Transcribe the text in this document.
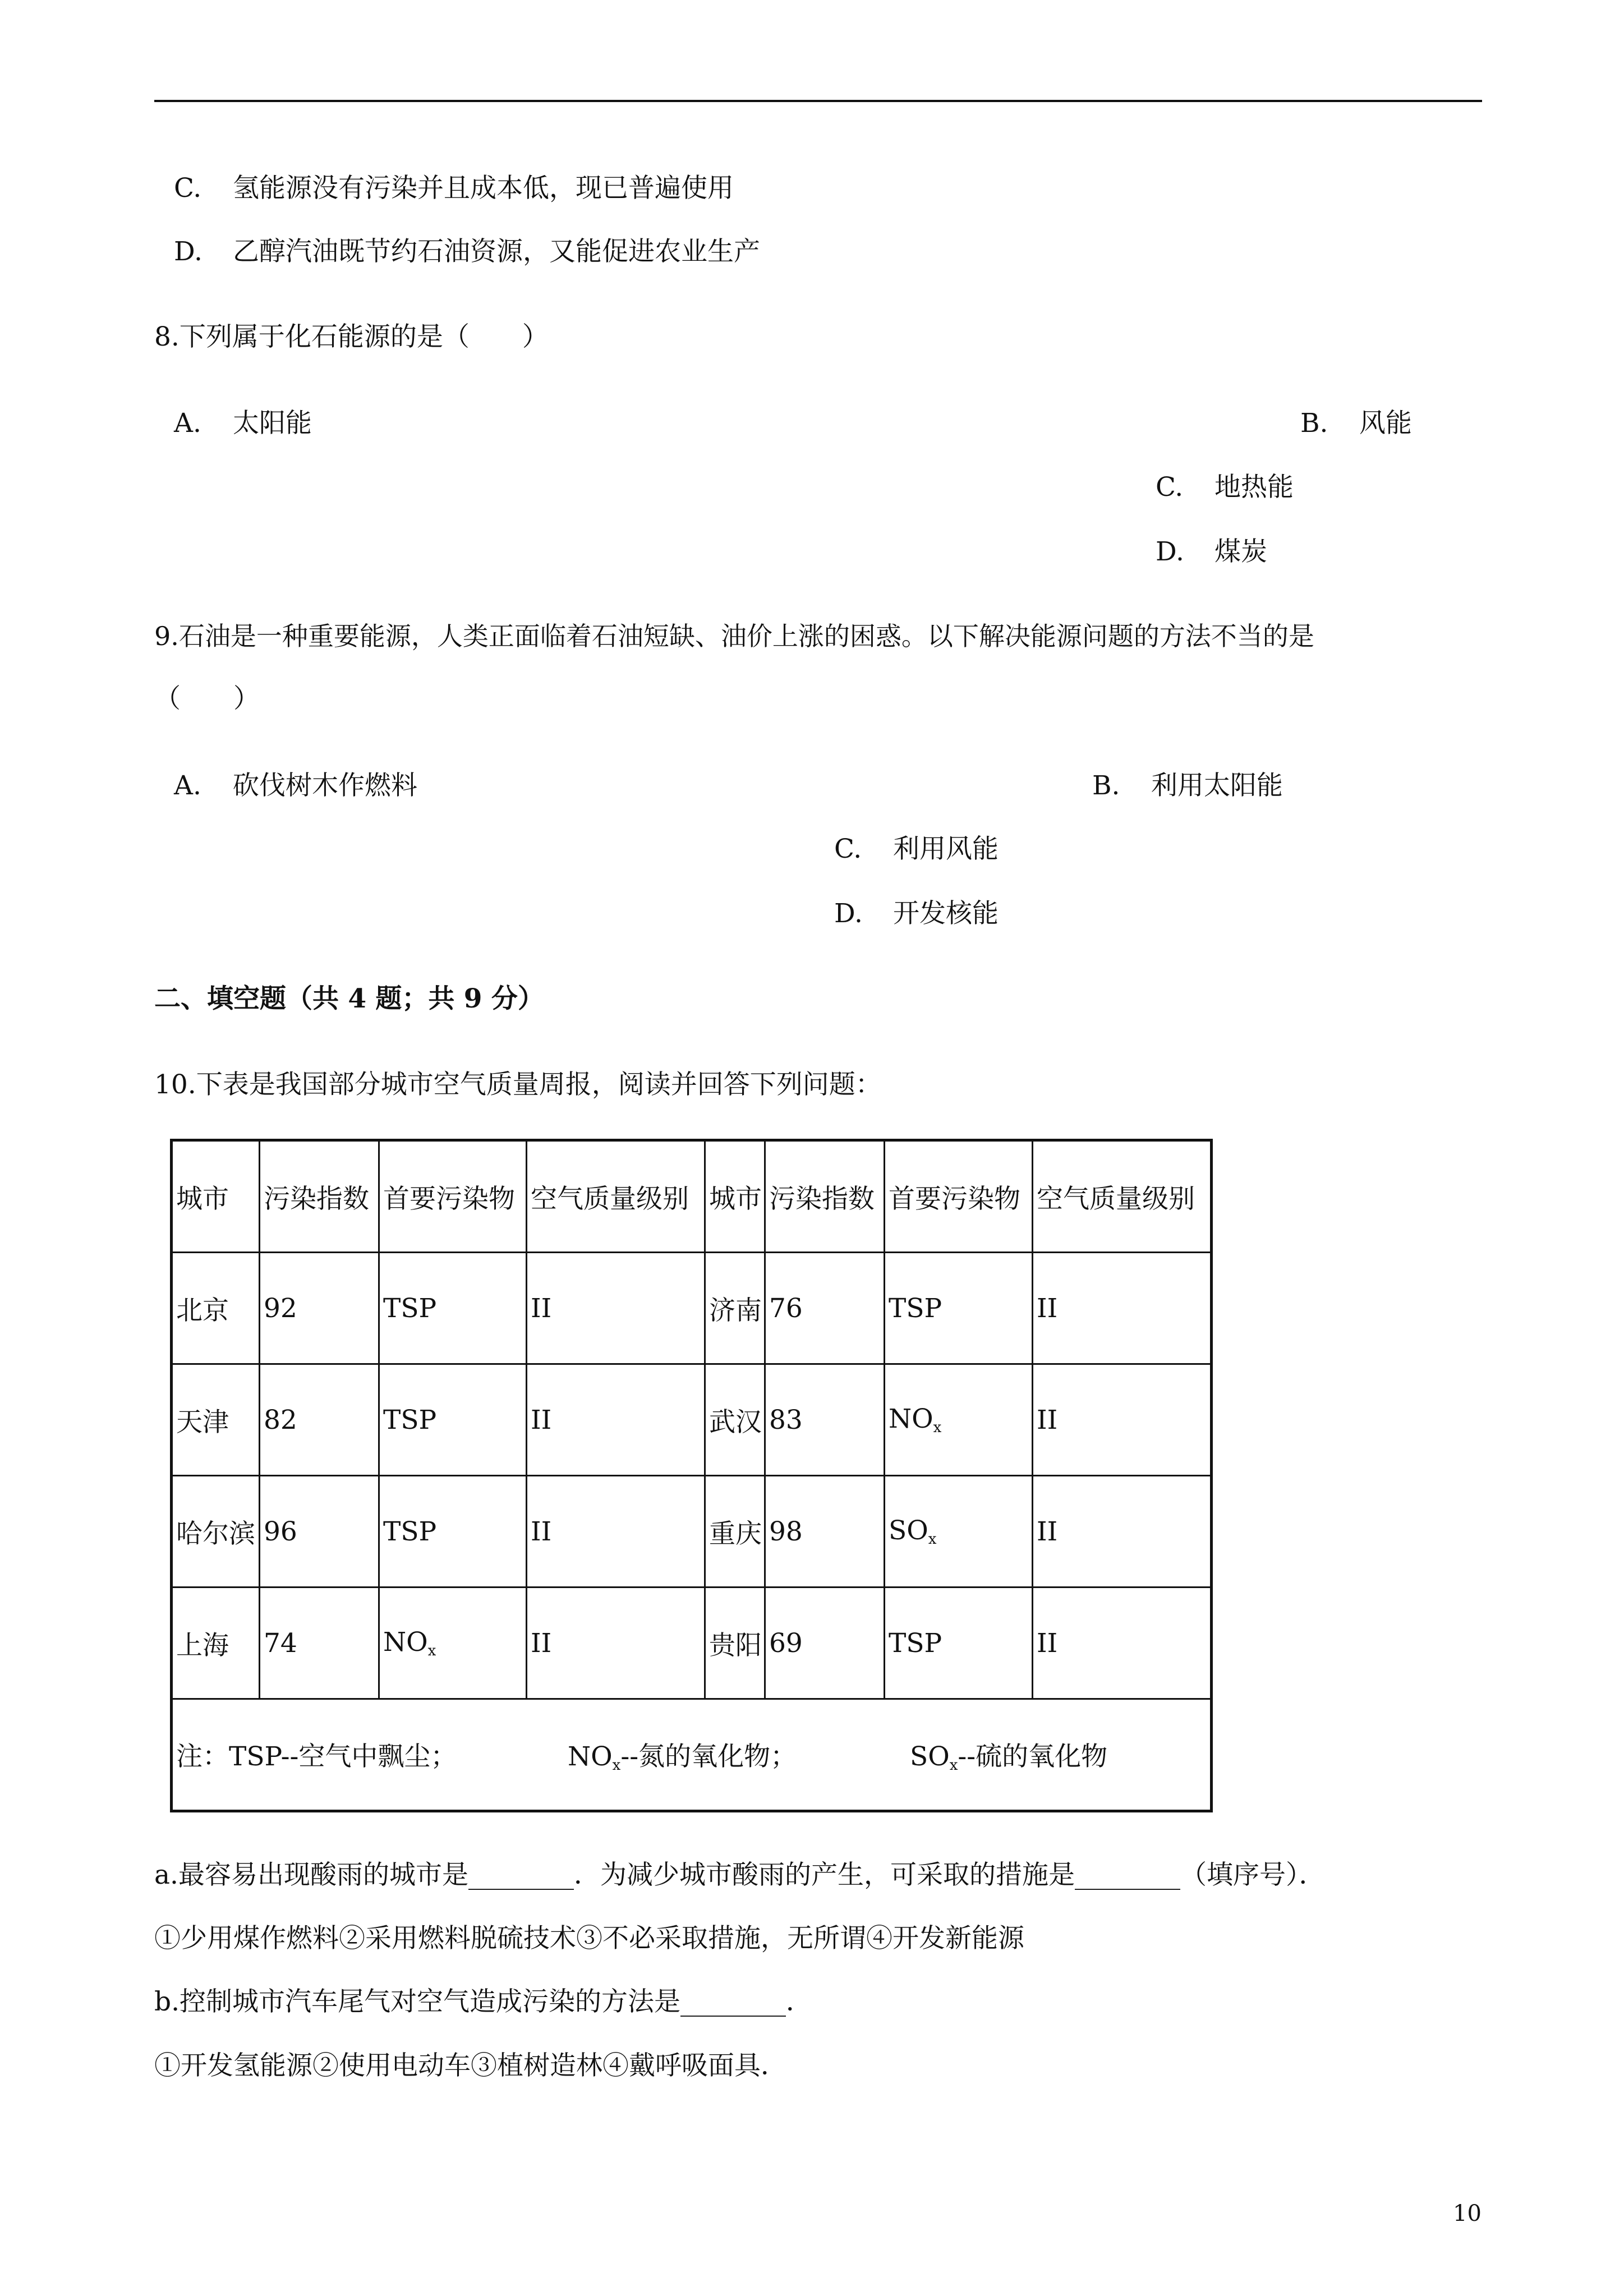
C. 氢能源没有污染并且成本低，现已普遍使用
D. 乙醇汽油既节约石油资源，又能促进农业生产
8.下列属于化石能源的是（　　）
A. 太阳能	B. 风能
C. 地热能
D. 煤炭
9.石油是一种重要能源，人类正面临着石油短缺、油价上涨的困惑。以下解决能源问题的方法不当的是
（　　）
A. 砍伐树木作燃料	B. 利用太阳能
C. 利用风能
D. 开发核能
二、填空题（共 4 题；共 9 分）
10.下表是我国部分城市空气质量周报，阅读并回答下列问题：
城市	污染指数	首要污染物	空气质量级别	城市	污染指数	首要污染物	空气质量级别
北京	92	TSP	II	济南	76	TSP	II
天津	82	TSP	II	武汉	83	$NO_x$	II
哈尔滨	96	TSP	II	重庆	98	$SO_x$	II
上海	74	$NO_x$	II	贵阳	69	TSP	II
注：TSP--空气中飘尘； $NO_x--$氮的氧化物； $SO_x--$硫的氧化物							
a.最容易出现酸雨的城市是________．为减少城市酸雨的产生，可采取的措施是________（填序号）．
①少用煤作燃料②采用燃料脱硫技术③不必采取措施，无所谓④开发新能源
b.控制城市汽车尾气对空气造成污染的方法是________．
①开发氢能源②使用电动车③植树造林④戴呼吸面具．
10
